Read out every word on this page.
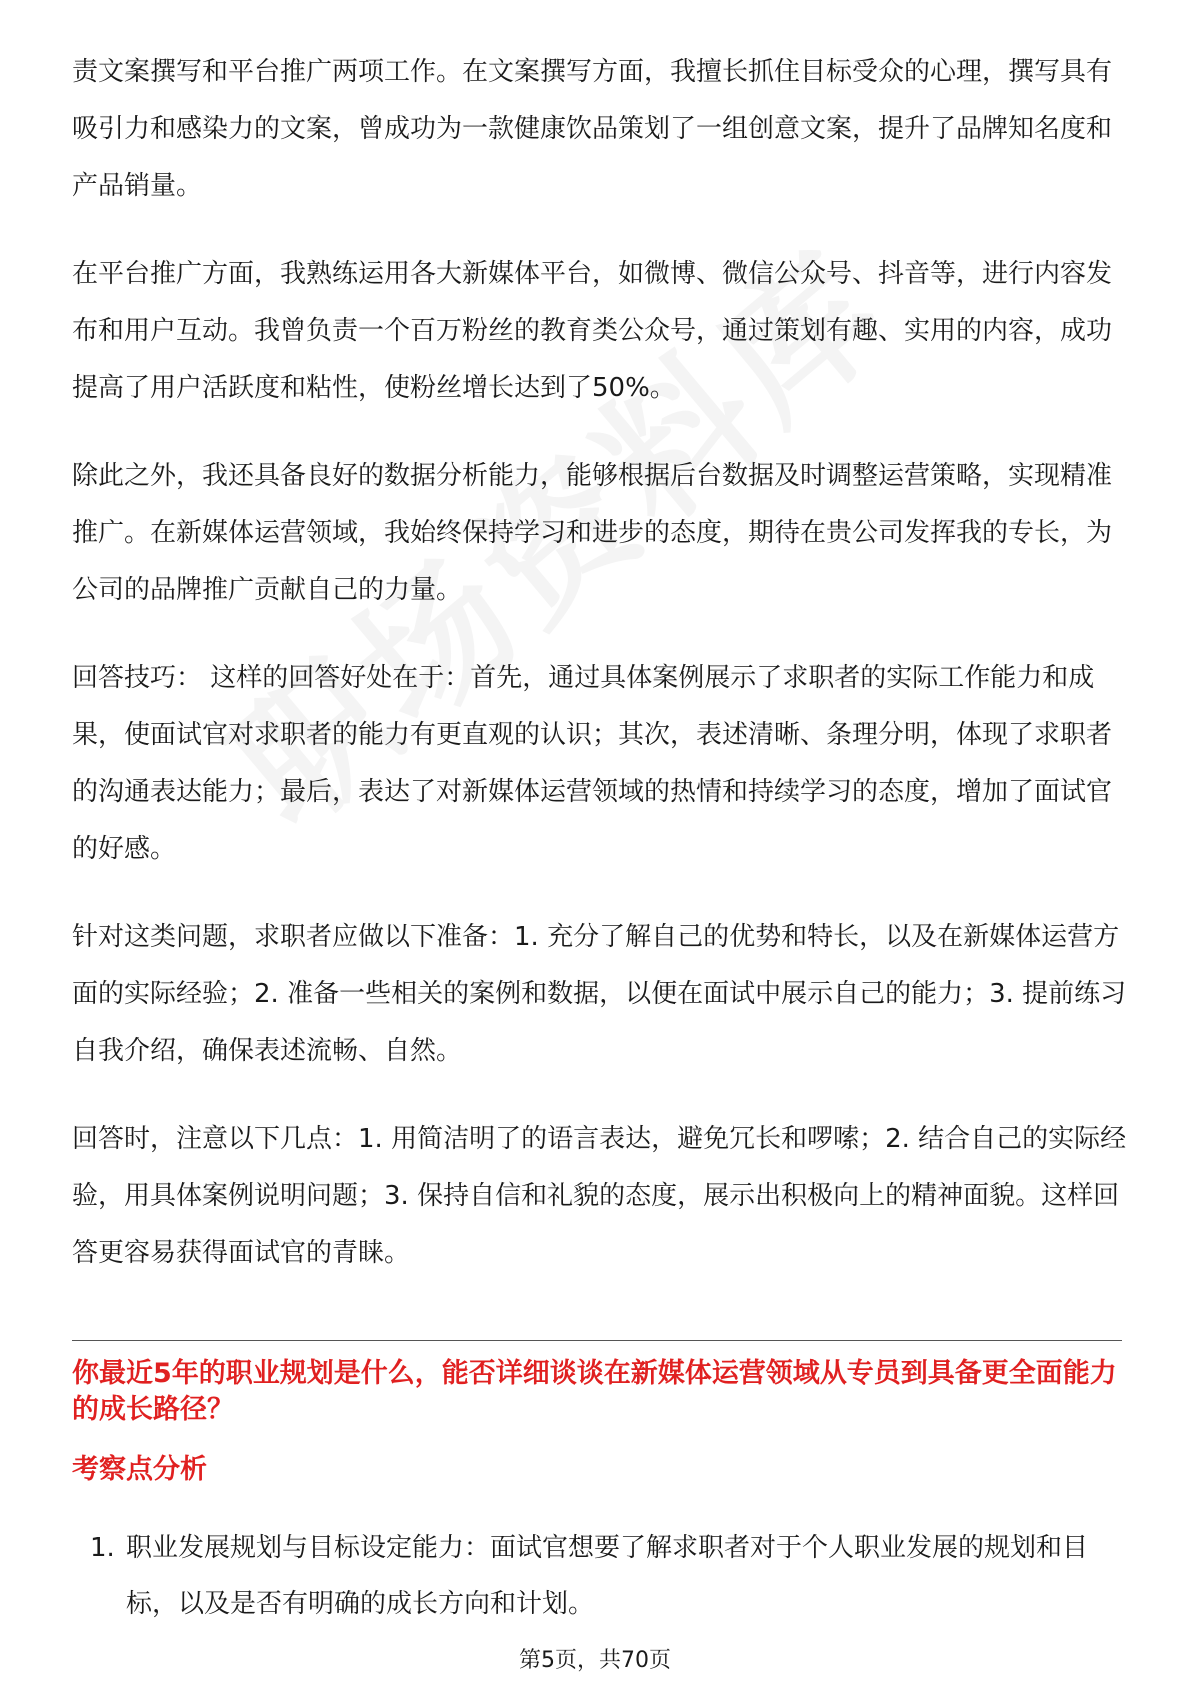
责文案撰写和平台推广两项工作。在文案撰写方面，我擅长抓住目标受众的心理，撰写具有吸引力和感染力的文案，曾成功为一款健康饮品策划了一组创意文案，提升了品牌知名度和产品销量。

在平台推广方面，我熟练运用各大新媒体平台，如微博、微信公众号、抖音等，进行内容发布和用户互动。我曾负责一个百万粉丝的教育类公众号，通过策划有趣、实用的内容，成功提高了用户活跃度和粘性，使粉丝增长达到了50%。

除此之外，我还具备良好的数据分析能力，能够根据后台数据及时调整运营策略，实现精准推广。在新媒体运营领域，我始终保持学习和进步的态度，期待在贵公司发挥我的专长，为公司的品牌推广贡献自己的力量。

回答技巧： 这样的回答好处在于：首先，通过具体案例展示了求职者的实际工作能力和成果，使面试官对求职者的能力有更直观的认识；其次，表述清晰、条理分明，体现了求职者的沟通表达能力；最后，表达了对新媒体运营领域的热情和持续学习的态度，增加了面试官的好感。

针对这类问题，求职者应做以下准备：1. 充分了解自己的优势和特长，以及在新媒体运营方面的实际经验；2. 准备一些相关的案例和数据，以便在面试中展示自己的能力；3. 提前练习自我介绍，确保表述流畅、自然。

回答时，注意以下几点：1. 用简洁明了的语言表达，避免冗长和啰嗦；2. 结合自己的实际经验，用具体案例说明问题；3. 保持自信和礼貌的态度，展示出积极向上的精神面貌。这样回答更容易获得面试官的青睐。

你最近5年的职业规划是什么，能否详细谈谈在新媒体运营领域从专员到具备更全面能力的成长路径？
考察点分析
1. 职业发展规划与目标设定能力：面试官想要了解求职者对于个人职业发展的规划和目标，以及是否有明确的成长方向和计划。
第5页，共70页
